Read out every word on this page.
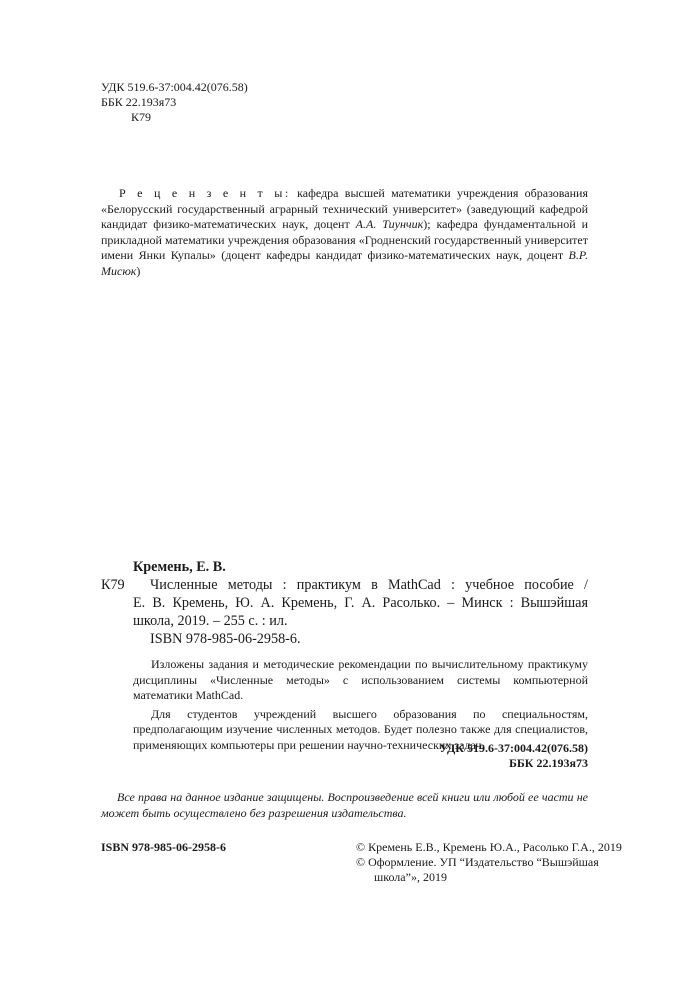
УДК 519.6-37:004.42(076.58)
ББК 22.193я73
К79
Р е ц е н з е н т ы: кафедра высшей математики учреждения образования «Белорусский государственный аграрный технический университет» (заведующий кафедрой кандидат физико-математических наук, доцент А.А. Тиунчик); кафедра фундаментальной и прикладной математики учреждения образования «Гродненский государственный университет имени Янки Купалы» (доцент кафедры кандидат физико-математических наук, доцент В.Р. Мисюк)
Кремень, Е. В.
К79 Численные методы : практикум в MathCad : учебное пособие /
Е. В. Кремень, Ю. А. Кремень, Г. А. Расолько. – Минск : Вышэйшая
школа, 2019. – 255 с. : ил.
ISBN 978-985-06-2958-6.

Изложены задания и методические рекомендации по вычислительному практикуму дисциплины «Численные методы» с использованием системы компьютерной математики MathCad.

Для студентов учреждений высшего образования по специальностям, предполагающим изучение численных методов. Будет полезно также для специалистов, применяющих компьютеры при решении научно-технических задач.

УДК 519.6-37:004.42(076.58)
ББК 22.193я73
Все права на данное издание защищены. Воспроизведение всей книги или любой ее части не может быть осуществлено без разрешения издательства.
ISBN 978-985-06-2958-6	© Кремень Е.В., Кремень Ю.А., Расолько Г.А., 2019
© Оформление. УП “Издательство “Вышэйшая
школа”», 2019
